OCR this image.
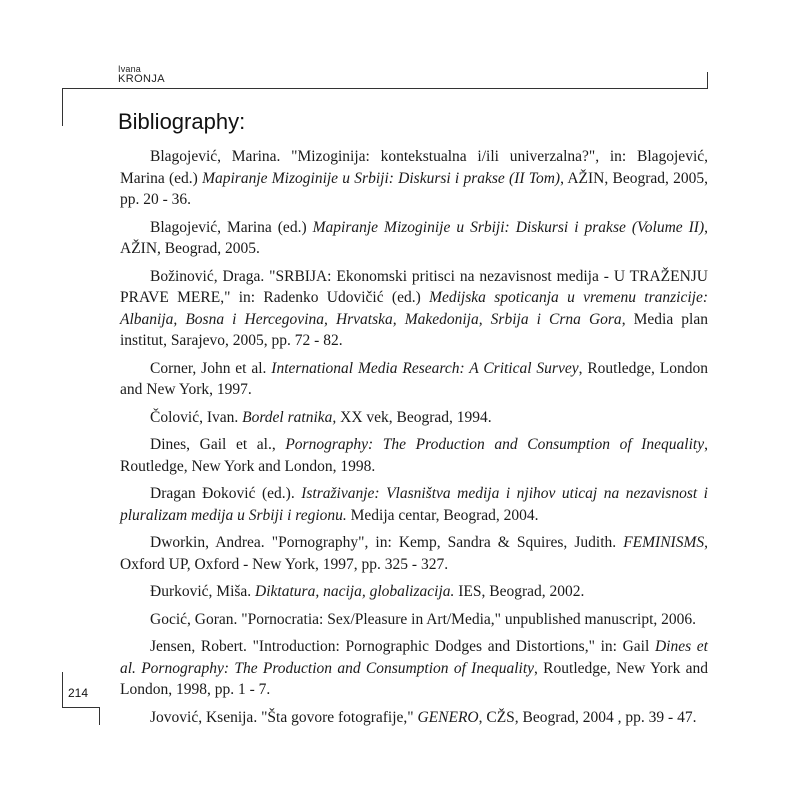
Ivana
KRONJA
Bibliography:

Blagojević, Marina. "Mizoginija: kontekstualna i/ili univerzalna?", in: Blagojević, Marina (ed.) Mapiranje Mizoginije u Srbiji: Diskursi i prakse (II Tom), AŽIN, Beograd, 2005, pp. 20 - 36.

Blagojević, Marina (ed.) Mapiranje Mizoginije u Srbiji: Diskursi i prakse (Volume II), AŽIN, Beograd, 2005.

Božinović, Draga. "SRBIJA: Ekonomski pritisci na nezavisnost medija - U TRAŽENJU PRAVE MERE," in: Radenko Udovičić (ed.) Medijska spoticanja u vremenu tranzicije: Albanija, Bosna i Hercegovina, Hrvatska, Makedonija, Srbija i Crna Gora, Media plan institut, Sarajevo, 2005, pp. 72 - 82.

Corner, John et al. International Media Research: A Critical Survey, Routledge, London and New York, 1997.

Čolović, Ivan. Bordel ratnika, XX vek, Beograd, 1994.

Dines, Gail et al., Pornography: The Production and Consumption of Inequality, Routledge, New York and London, 1998.

Dragan Đoković (ed.). Istraživanje: Vlasništva medija i njihov uticaj na nezavisnost i pluralizam medija u Srbiji i regionu. Medija centar, Beograd, 2004.

Dworkin, Andrea. "Pornography", in: Kemp, Sandra & Squires, Judith. FEMINISMS, Oxford UP, Oxford - New York, 1997, pp. 325 - 327.

Đurković, Miša. Diktatura, nacija, globalizacija. IES, Beograd, 2002.

Gocić, Goran. "Pornocratia: Sex/Pleasure in Art/Media," unpublished manuscript, 2006.

Jensen, Robert. "Introduction: Pornographic Dodges and Distortions," in: Gail Dines et al. Pornography: The Production and Consumption of Inequality, Routledge, New York and London, 1998, pp. 1 - 7.

Jovović, Ksenija. "Šta govore fotografije," GENERO, CŽS, Beograd, 2004 , pp. 39 - 47.

214
